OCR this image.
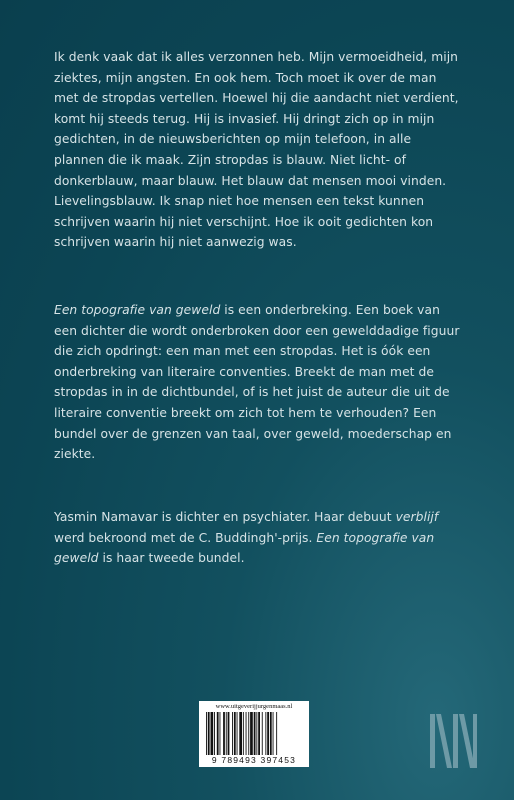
Ik denk vaak dat ik alles verzonnen heb. Mijn vermoeidheid, mijn ziektes, mijn angsten. En ook hem. Toch moet ik over de man met de stropdas vertellen. Hoewel hij die aandacht niet verdient, komt hij steeds terug. Hij is invasief. Hij dringt zich op in mijn gedichten, in de nieuwsberichten op mijn telefoon, in alle plannen die ik maak. Zijn stropdas is blauw. Niet licht- of donkerblauw, maar blauw. Het blauw dat mensen mooi vinden. Lievelingsblauw. Ik snap niet hoe mensen een tekst kunnen schrijven waarin hij niet verschijnt. Hoe ik ooit gedichten kon schrijven waarin hij niet aanwezig was.

Een topografie van geweld is een onderbreking. Een boek van een dichter die wordt onderbroken door een gewelddadige figuur die zich opdringt: een man met een stropdas. Het is óók een onderbreking van literaire conventies. Breekt de man met de stropdas in in de dichtbundel, of is het juist de auteur die uit de literaire conventie breekt om zich tot hem te verhouden? Een bundel over de grenzen van taal, over geweld, moederschap en ziekte.

Yasmin Namavar is dichter en psychiater. Haar debuut verblijf werd bekroond met de C. Buddingh'-prijs. Een topografie van geweld is haar tweede bundel.

www.uitgeverijjurgenmaas.nl
9 789493 397453
